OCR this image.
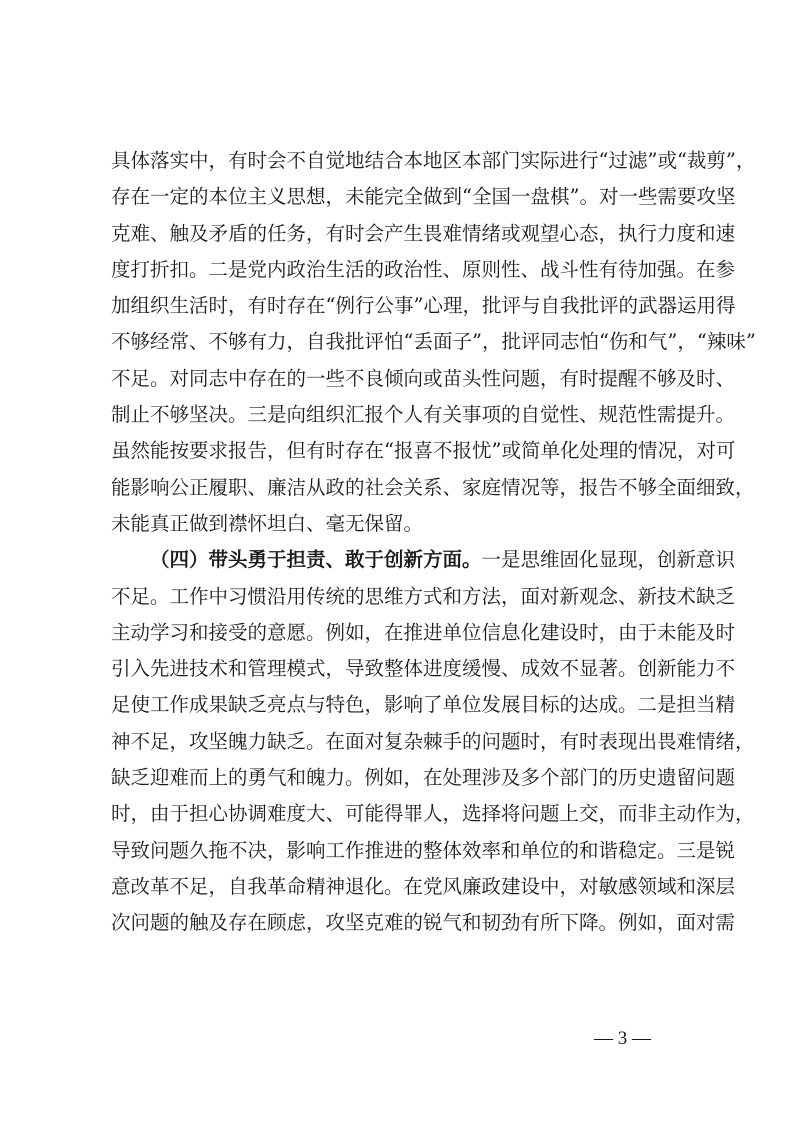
具体落实中，有时会不自觉地结合本地区本部门实际进行“过滤”或“裁剪”，
存在一定的本位主义思想，未能完全做到“全国一盘棋”。对一些需要攻坚
克难、触及矛盾的任务，有时会产生畏难情绪或观望心态，执行力度和速
度打折扣。二是党内政治生活的政治性、原则性、战斗性有待加强。在参
加组织生活时，有时存在“例行公事”心理，批评与自我批评的武器运用得
不够经常、不够有力，自我批评怕“丢面子”，批评同志怕“伤和气”，“辣味”
不足。对同志中存在的一些不良倾向或苗头性问题，有时提醒不够及时、
制止不够坚决。三是向组织汇报个人有关事项的自觉性、规范性需提升。
虽然能按要求报告，但有时存在“报喜不报忧”或简单化处理的情况，对可
能影响公正履职、廉洁从政的社会关系、家庭情况等，报告不够全面细致，
未能真正做到襟怀坦白、毫无保留。
（四）带头勇于担责、敢于创新方面。一是思维固化显现，创新意识
不足。工作中习惯沿用传统的思维方式和方法，面对新观念、新技术缺乏
主动学习和接受的意愿。例如，在推进单位信息化建设时，由于未能及时
引入先进技术和管理模式，导致整体进度缓慢、成效不显著。创新能力不
足使工作成果缺乏亮点与特色，影响了单位发展目标的达成。二是担当精
神不足，攻坚魄力缺乏。在面对复杂棘手的问题时，有时表现出畏难情绪，
缺乏迎难而上的勇气和魄力。例如，在处理涉及多个部门的历史遗留问题
时，由于担心协调难度大、可能得罪人，选择将问题上交，而非主动作为，
导致问题久拖不决，影响工作推进的整体效率和单位的和谐稳定。三是锐
意改革不足，自我革命精神退化。在党风廉政建设中，对敏感领域和深层
次问题的触及存在顾虑，攻坚克难的锐气和韧劲有所下降。例如，面对需
— 3 —
